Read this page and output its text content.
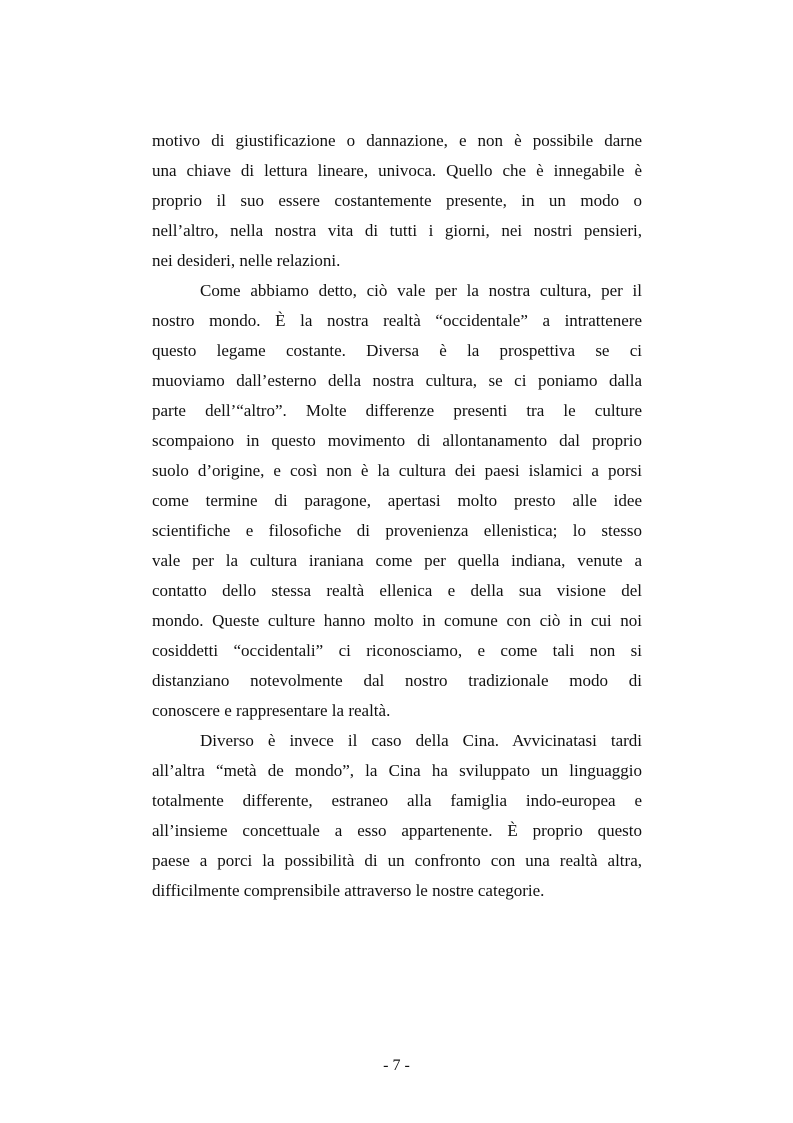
motivo di giustificazione o dannazione, e non è possibile darne
una chiave di lettura lineare, univoca. Quello che è innegabile è
proprio il suo essere costantemente presente, in un modo o
nell’altro, nella nostra vita di tutti i giorni, nei nostri pensieri,
nei desideri, nelle relazioni.
Come abbiamo detto, ciò vale per la nostra cultura, per il
nostro mondo. È la nostra realtà “occidentale” a intrattenere
questo legame costante. Diversa è la prospettiva se ci
muoviamo dall’esterno della nostra cultura, se ci poniamo dalla
parte dell’“altro”. Molte differenze presenti tra le culture
scompaiono in questo movimento di allontanamento dal proprio
suolo d’origine, e così non è la cultura dei paesi islamici a porsi
come termine di paragone, apertasi molto presto alle idee
scientifiche e filosofiche di provenienza ellenistica; lo stesso
vale per la cultura iraniana come per quella indiana, venute a
contatto dello stessa realtà ellenica e della sua visione del
mondo. Queste culture hanno molto in comune con ciò in cui noi
cosiddetti “occidentali” ci riconosciamo, e come tali non si
distanziano notevolmente dal nostro tradizionale modo di
conoscere e rappresentare la realtà.
Diverso è invece il caso della Cina. Avvicinatasi tardi
all’altra “metà de mondo”, la Cina ha sviluppato un linguaggio
totalmente differente, estraneo alla famiglia indo-europea e
all’insieme concettuale a esso appartenente. È proprio questo
paese a porci la possibilità di un confronto con una realtà altra,
difficilmente comprensibile attraverso le nostre categorie.
- 7 -
